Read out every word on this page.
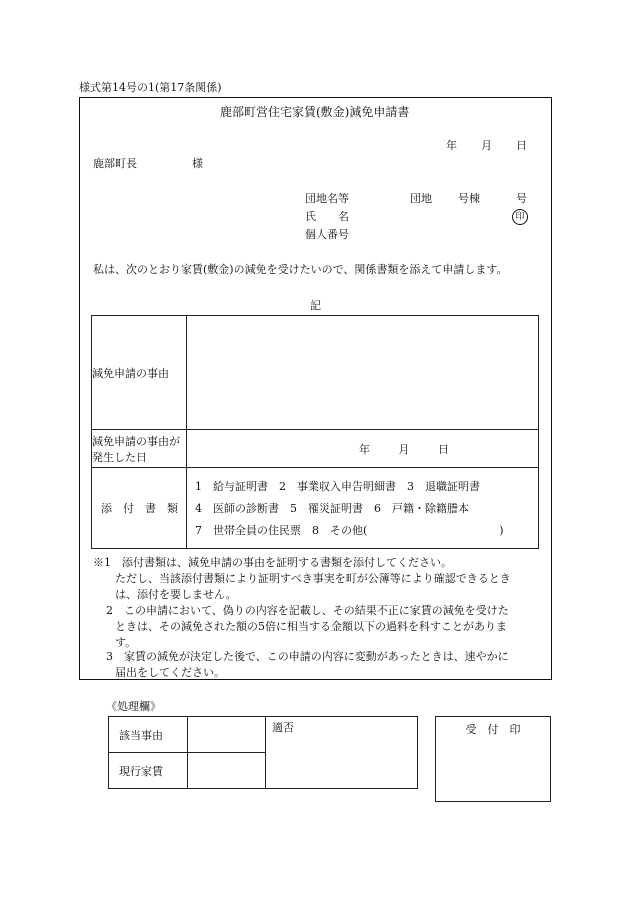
様式第14号の1(第17条関係)
鹿部町営住宅家賃(敷金)減免申請書
年 月 日
鹿部町長	様
団地名等	団地 号棟	号
氏　　名	印
個人番号
私は、次のとおり家賃(敷金)の減免を受けたいので、関係書類を添えて申請します。
記
減免申請の事由	
減免申請の事由が発生した日	年 月 日
添　付　書　類	1　給与証明書　2　事業収入申告明細書　3　退職証明書
4　医師の診断書　5　罹災証明書　6　戸籍・除籍謄本
7　世帯全員の住民票　8　その他(　　　　　　　　　　　　)
※1　添付書類は、減免申請の事由を証明する書類を添付してください。
ただし、当該添付書類により証明すべき事実を町が公簿等により確認できるとき
は、添付を要しません。
2　この申請において、偽りの内容を記載し、その結果不正に家賃の減免を受けた
ときは、その減免された額の5倍に相当する金額以下の過料を科すことがありま
す。
3　家賃の減免が決定した後で、この申請の内容に変動があったときは、速やかに
届出をしてください。
《処理欄》
該当事由		適否
現行家賃		
受　付　印
